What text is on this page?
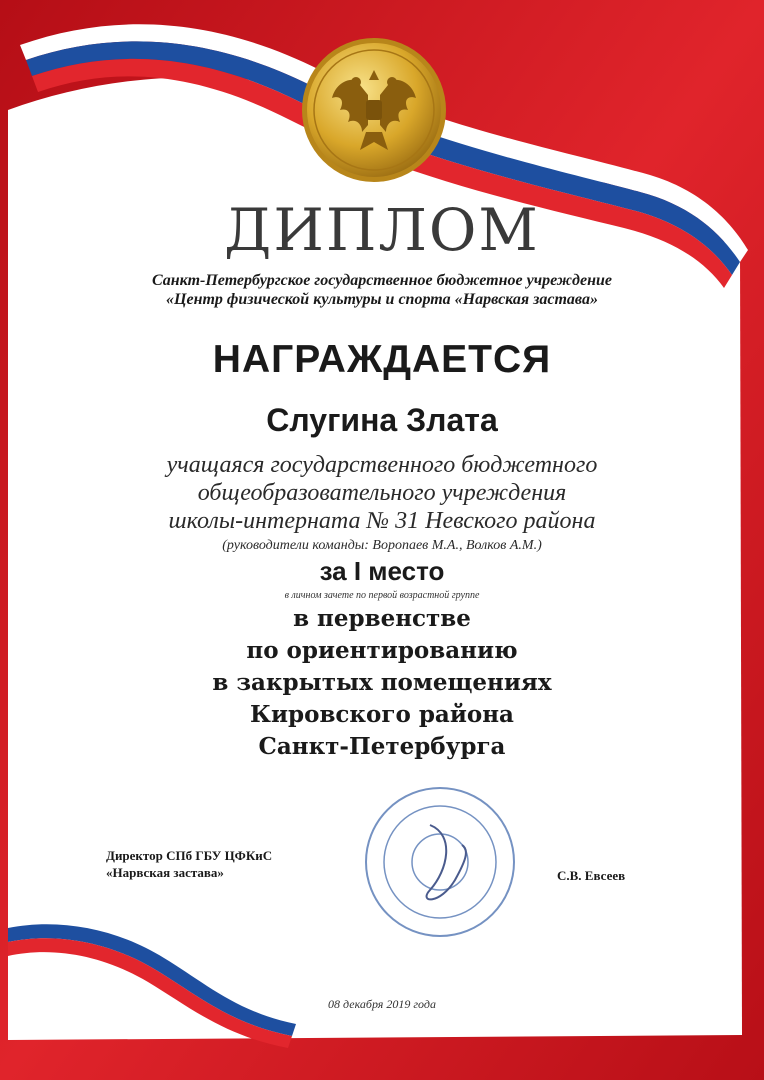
ДИПЛОМ
Санкт-Петербургское государственное бюджетное учреждение
«Центр физической культуры и спорта «Нарвская застава»
НАГРАЖДАЕТСЯ
Слугина Злата
учащаяся государственного бюджетного
общеобразовательного учреждения
школы-интерната № 31 Невского района
(руководители команды: Воропаев М.А., Волков А.М.)
за I место
в личном зачете по первой возрастной группе
в первенстве
по ориентированию
в закрытых помещениях
Кировского района
Санкт-Петербурга
Директор СПб ГБУ ЦФКиС
«Нарвская застава»	С.В. Евсеев
08 декабря 2019 года
